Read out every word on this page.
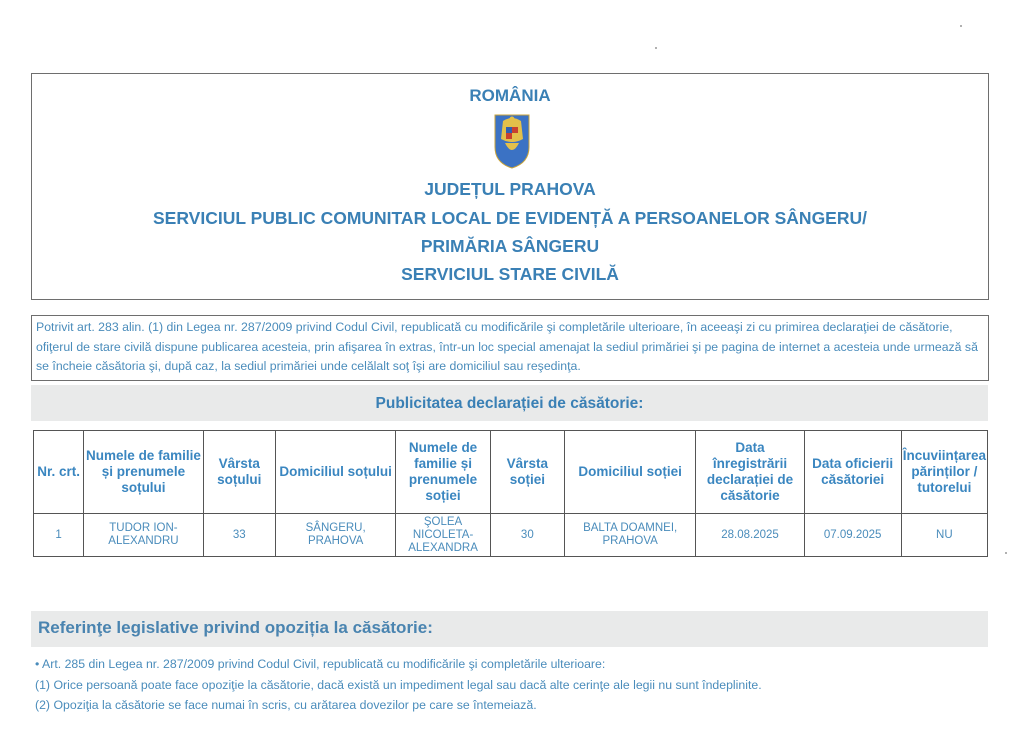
ROMÂNIA
JUDEȚUL PRAHOVA
SERVICIUL PUBLIC COMUNITAR LOCAL DE EVIDENȚĂ A PERSOANELOR SÂNGERU/
PRIMĂRIA SÂNGERU
SERVICIUL STARE CIVILĂ
Potrivit art. 283 alin. (1) din Legea nr. 287/2009 privind Codul Civil, republicată cu modificările şi completările ulterioare, în aceeaşi zi cu primirea declaraţiei de căsătorie, ofiţerul de stare civilă dispune publicarea acesteia, prin afişarea în extras, într-un loc special amenajat la sediul primăriei şi pe pagina de internet a acesteia unde urmează să se încheie căsătoria şi, după caz, la sediul primăriei unde celălalt soţ îşi are domiciliul sau reşedinţa.
Publicitatea declarației de căsătorie:
Nr. crt.	Numele de familie și prenumele soțului	Vârsta soțului	Domiciliul soțului	Numele de familie și prenumele soției	Vârsta soției	Domiciliul soției	Data înregistrării declarației de căsătorie	Data oficierii căsătoriei	Încuviințarea părinților / tutorelui
1	TUDOR ION-ALEXANDRU	33	SÂNGERU, PRAHOVA	ŞOLEA NICOLETA-ALEXANDRA	30	BALTA DOAMNEI, PRAHOVA	28.08.2025	07.09.2025	NU
Referinţe legislative privind opoziția la căsătorie:
• Art. 285 din Legea nr. 287/2009 privind Codul Civil, republicată cu modificările şi completările ulterioare:
(1) Orice persoană poate face opoziţie la căsătorie, dacă există un impediment legal sau dacă alte cerinţe ale legii nu sunt îndeplinite.
(2) Opoziţia la căsătorie se face numai în scris, cu arătarea dovezilor pe care se întemeiază.
